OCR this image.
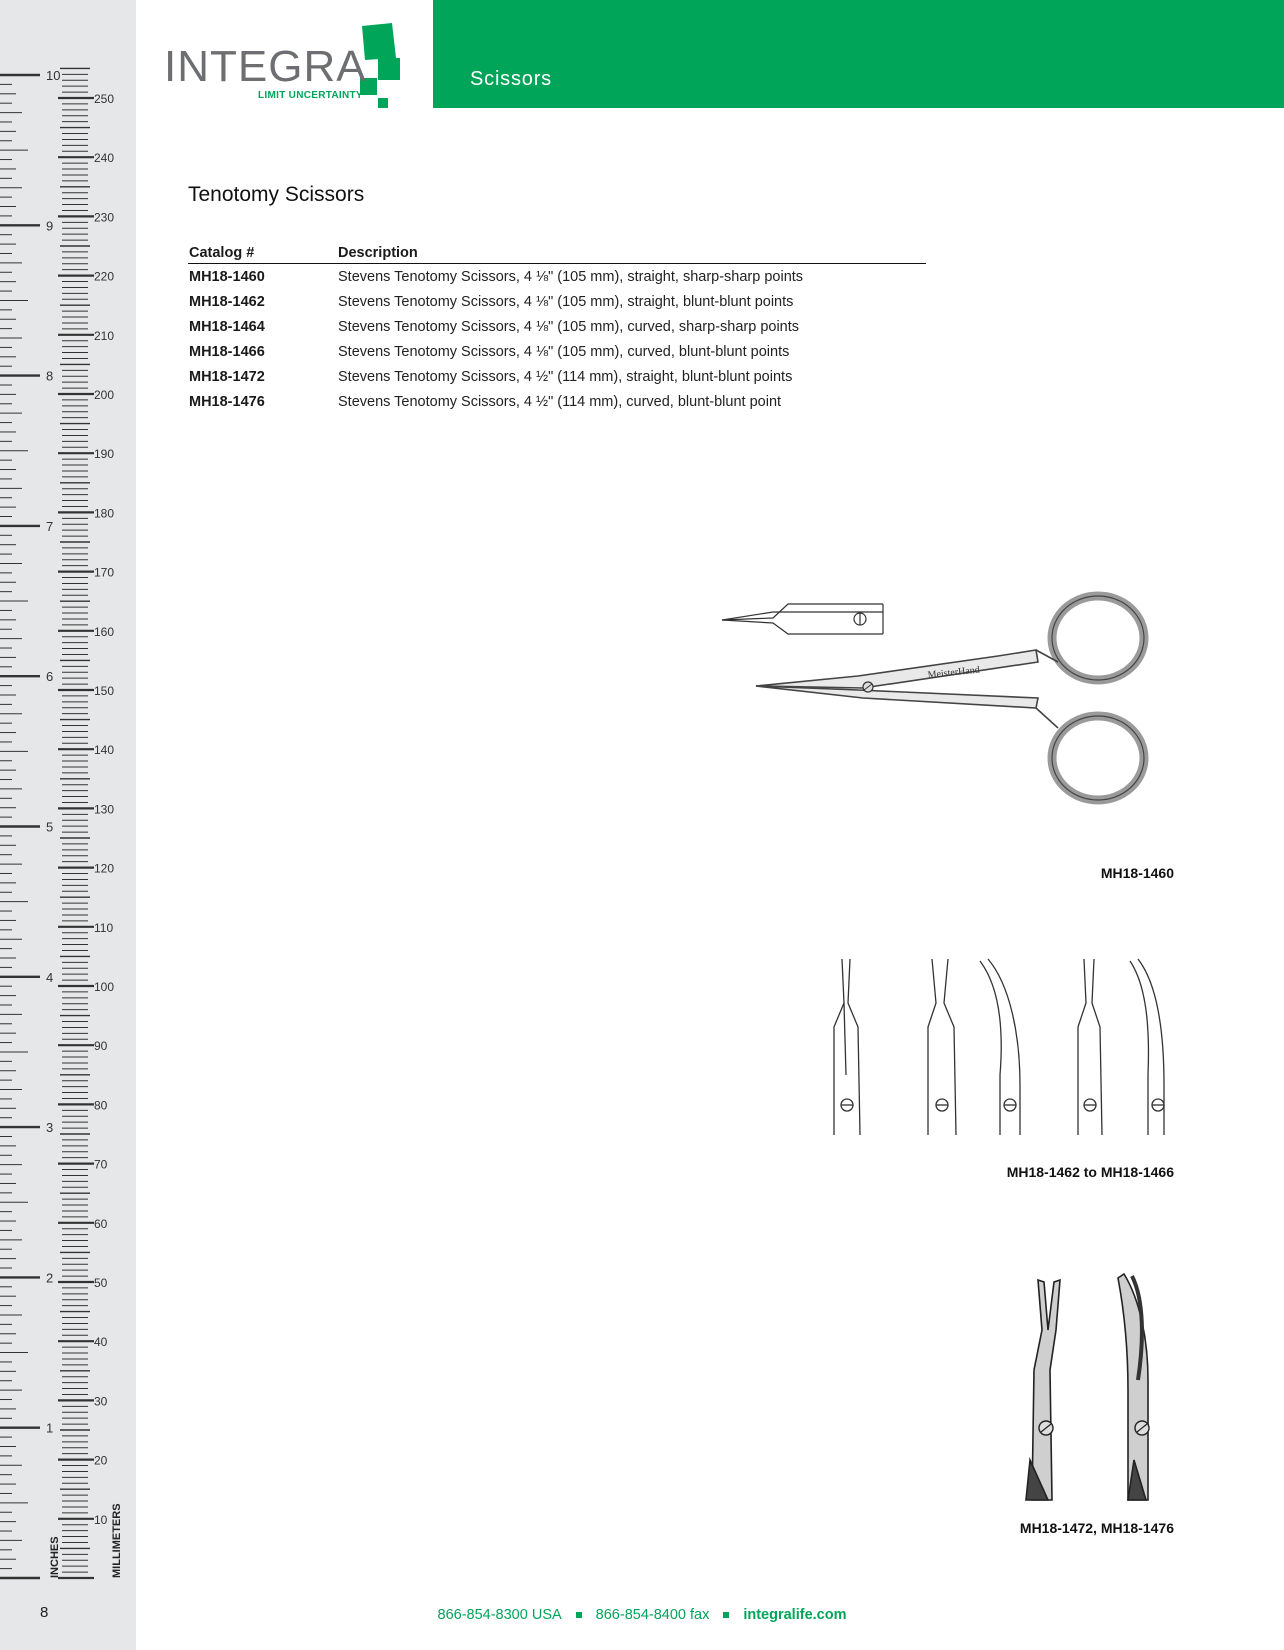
1
2
3
4
5
6
7
8
9
10
10
20
30
40
50
60
70
80
90
100
110
120
130
140
150
160
170
180
190
200
210
220
230
240
250
INCHES	MILLIMETERS
8
INTEGRA
LIMIT UNCERTAINTY
Scissors
Tenotomy Scissors
Catalog #	Description
MH18-1460	Stevens Tenotomy Scissors, 4 ⅛" (105 mm), straight, sharp-sharp points
MH18-1462	Stevens Tenotomy Scissors, 4 ⅛" (105 mm), straight, blunt-blunt points
MH18-1464	Stevens Tenotomy Scissors, 4 ⅛" (105 mm), curved, sharp-sharp points
MH18-1466	Stevens Tenotomy Scissors, 4 ⅛" (105 mm), curved, blunt-blunt points
MH18-1472	Stevens Tenotomy Scissors, 4 ½" (114 mm), straight, blunt-blunt points
MH18-1476	Stevens Tenotomy Scissors, 4 ½" (114 mm), curved, blunt-blunt point
MeisterHand
MH18-1460
MH18-1462 to MH18-1466
MH18-1472, MH18-1476
866-854-8300 USA 866-854-8400 fax integralife.com
